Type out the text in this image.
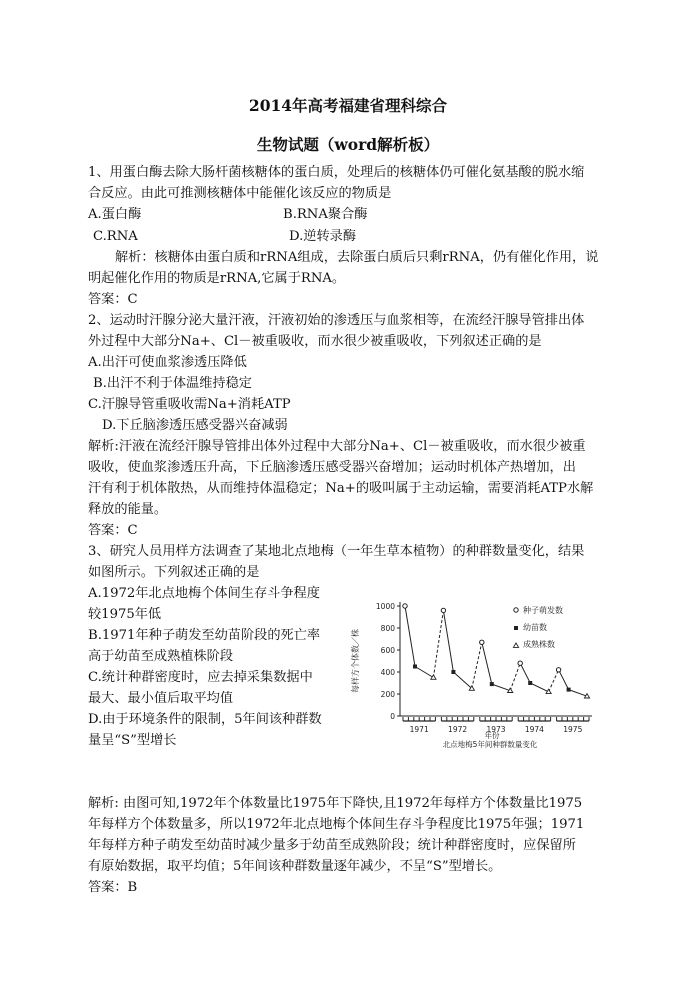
2014年高考福建省理科综合
生物试题（word解析板）
1、用蛋白酶去除大肠杆菌核糖体的蛋白质，处理后的核糖体仍可催化氨基酸的脱水缩
合反应。由此可推测核糖体中能催化该反应的物质是
A.蛋白酶	B.RNA聚合酶
C.RNA	D.逆转录酶
解析：核糖体由蛋白质和rRNA组成，去除蛋白质后只剩rRNA，仍有催化作用，说
明起催化作用的物质是rRNA,它属于RNA。
答案：C
2、运动时汗腺分泌大量汗液，汗液初始的渗透压与血浆相等，在流经汗腺导管排出体
外过程中大部分Na+、Cl－被重吸收，而水很少被重吸收，下列叙述正确的是
A.出汗可使血浆渗透压降低
B.出汗不利于体温维持稳定
C.汗腺导管重吸收需Na+消耗ATP
D.下丘脑渗透压感受器兴奋减弱
解析:汗液在流经汗腺导管排出体外过程中大部分Na+、Cl－被重吸收，而水很少被重
吸收，使血浆渗透压升高，下丘脑渗透压感受器兴奋增加；运动时机体产热增加，出
汗有利于机体散热，从而维持体温稳定；Na+的吸叫属于主动运输，需要消耗ATP水解
释放的能量。
答案：C
3、研究人员用样方法调查了某地北点地梅（一年生草本植物）的种群数量变化，结果
如图所示。下列叙述正确的是
A.1972年北点地梅个体间生存斗争程度
较1975年低
B.1971年种子萌发至幼苗阶段的死亡率
高于幼苗至成熟植株阶段
C.统计种群密度时，应去掉采集数据中
最大、最小值后取平均值
D.由于环境条件的限制，5年间该种群数
量呈“S”型增长
0
200
400
600
800
1000
每样方个体数／株
1971	1972	1973	1974	1975
年份
北点地梅5年间种群数量变化
种子萌发数
幼苗数
成熟株数
解析: 由图可知,1972年个体数量比1975年下降快,且1972年每样方个体数量比1975
年每样方个体数量多，所以1972年北点地梅个体间生存斗争程度比1975年强；1971
年每样方种子萌发至幼苗时减少量多于幼苗至成熟阶段；统计种群密度时，应保留所
有原始数据，取平均值；5年间该种群数量逐年减少，不呈“S”型增长。
答案：B
